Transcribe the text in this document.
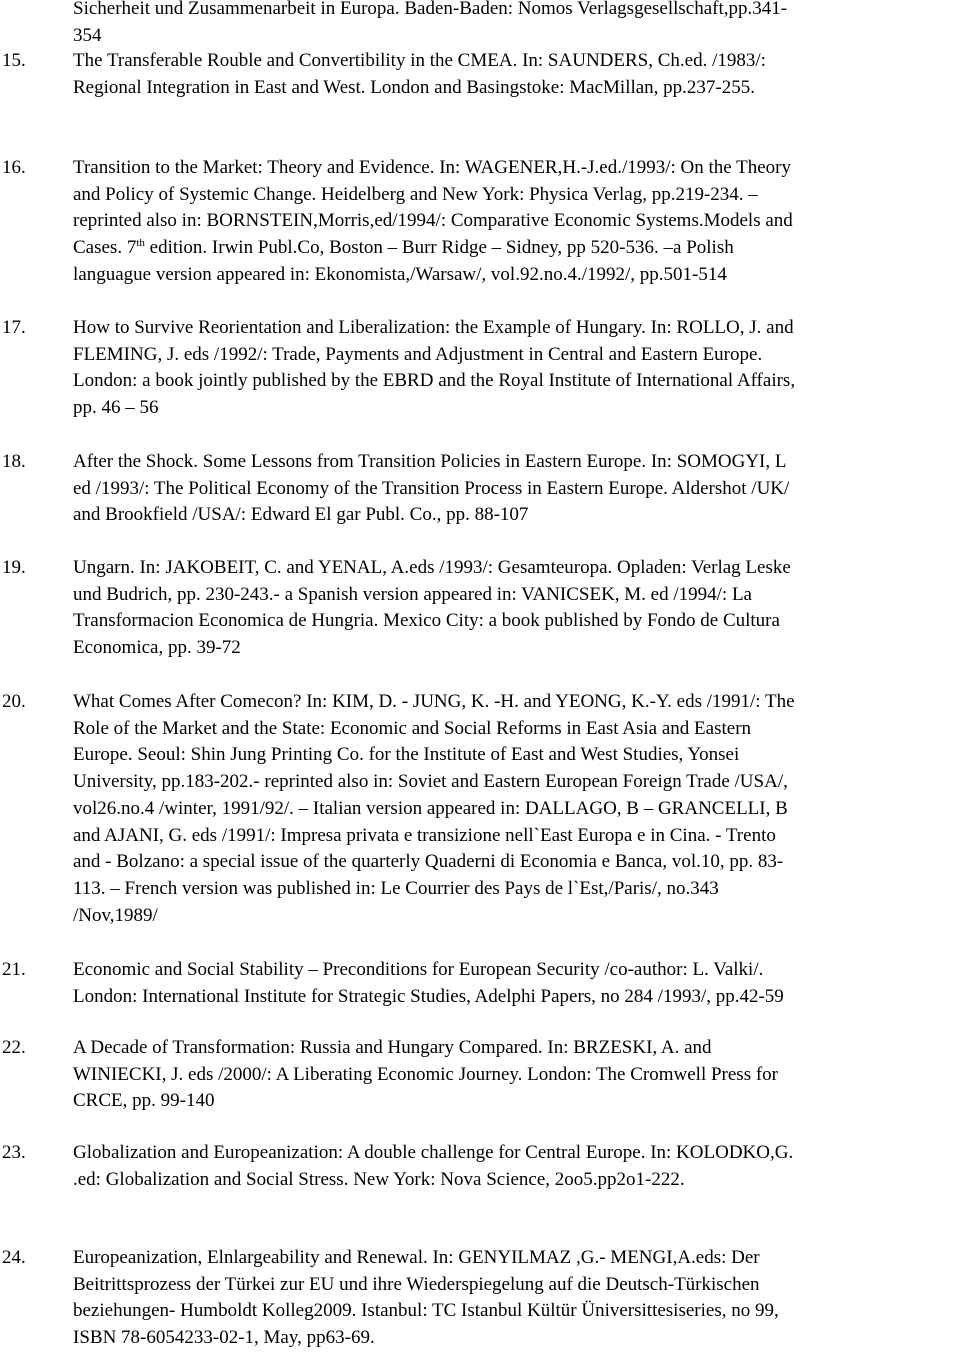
Sicherheit und Zusammenarbeit in Europa. Baden-Baden: Nomos Verlagsgesellschaft,pp.341-
354
15.	The Transferable Rouble and Convertibility in the CMEA. In: SAUNDERS, Ch.ed. /1983/:
Regional Integration in East and West. London and Basingstoke: MacMillan, pp.237-255.
16.	Transition to the Market: Theory and Evidence. In: WAGENER,H.-J.ed./1993/: On the Theory
and Policy of Systemic Change. Heidelberg and New York: Physica Verlag, pp.219-234. –
reprinted also in: BORNSTEIN,Morris,ed/1994/: Comparative Economic Systems.Models and
Cases. 7th edition. Irwin Publ.Co, Boston – Burr Ridge – Sidney, pp 520-536. –a Polish
languague version appeared in: Ekonomista,/Warsaw/, vol.92.no.4./1992/, pp.501-514
17.	How to Survive Reorientation and Liberalization: the Example of Hungary. In: ROLLO, J. and
FLEMING, J. eds /1992/: Trade, Payments and Adjustment in Central and Eastern Europe.
London: a book jointly published by the EBRD and the Royal Institute of International Affairs,
pp. 46 – 56
18.	After the Shock. Some Lessons from Transition Policies in Eastern Europe. In: SOMOGYI, L
ed /1993/: The Political Economy of the Transition Process in Eastern Europe. Aldershot /UK/
and Brookfield /USA/: Edward El gar Publ. Co., pp. 88-107
19.	Ungarn. In: JAKOBEIT, C. and YENAL, A.eds /1993/: Gesamteuropa. Opladen: Verlag Leske
und Budrich, pp. 230-243.- a Spanish version appeared in: VANICSEK, M. ed /1994/: La
Transformacion Economica de Hungria. Mexico City: a book published by Fondo de Cultura
Economica, pp. 39-72
20.	What Comes After Comecon? In: KIM, D. - JUNG, K. -H. and YEONG, K.-Y. eds /1991/: The
Role of the Market and the State: Economic and Social Reforms in East Asia and Eastern
Europe. Seoul: Shin Jung Printing Co. for the Institute of East and West Studies, Yonsei
University, pp.183-202.- reprinted also in: Soviet and Eastern European Foreign Trade /USA/,
vol26.no.4 /winter, 1991/92/. – Italian version appeared in: DALLAGO, B – GRANCELLI, B
and AJANI, G. eds /1991/: Impresa privata e transizione nell`East Europa e in Cina. - Trento
and - Bolzano: a special issue of the quarterly Quaderni di Economia e Banca, vol.10, pp. 83-
113. – French version was published in: Le Courrier des Pays de l`Est,/Paris/, no.343
/Nov,1989/
21.	Economic and Social Stability – Preconditions for European Security /co-author: L. Valki/.
London: International Institute for Strategic Studies, Adelphi Papers, no 284 /1993/, pp.42-59
22.	A Decade of Transformation: Russia and Hungary Compared. In: BRZESKI, A. and
WINIECKI, J. eds /2000/: A Liberating Economic Journey. London: The Cromwell Press for
CRCE, pp. 99-140
23.	Globalization and Europeanization: A double challenge for Central Europe. In: KOLODKO,G.
.ed: Globalization and Social Stress. New York: Nova Science, 2oo5.pp2o1-222.
24.	Europeanization, Elnlargeability and Renewal. In: GENYILMAZ ,G.- MENGI,A.eds: Der
Beitrittsprozess der Türkei zur EU und ihre Wiederspiegelung auf die Deutsch-Türkischen
beziehungen- Humboldt Kolleg2009. Istanbul: TC Istanbul Kültür Üniversittesiseries, no 99,
ISBN 78-6054233-02-1, May, pp63-69.
